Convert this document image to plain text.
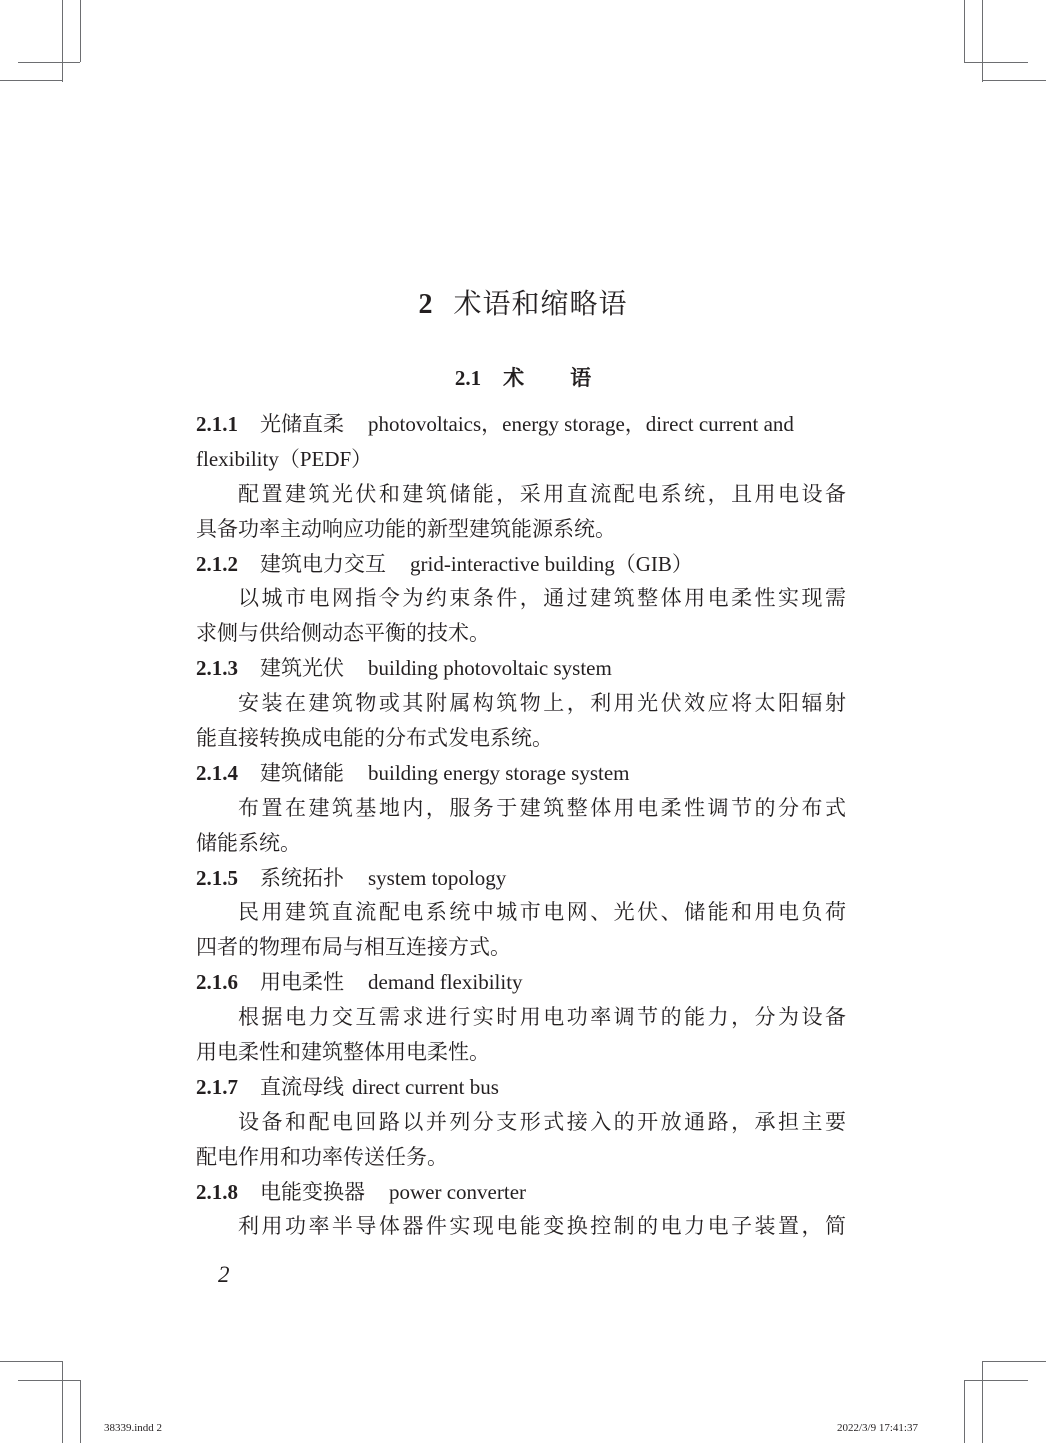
2 术语和缩略语
2.1 术 语
2.1.1 光储直柔 photovoltaics，energy storage，direct current and
flexibility（PEDF）
配置建筑光伏和建筑储能，采用直流配电系统，且用电设备
具备功率主动响应功能的新型建筑能源系统。
2.1.2 建筑电力交互 grid-interactive building（GIB）
以城市电网指令为约束条件，通过建筑整体用电柔性实现需
求侧与供给侧动态平衡的技术。
2.1.3 建筑光伏 building photovoltaic system
安装在建筑物或其附属构筑物上，利用光伏效应将太阳辐射
能直接转换成电能的分布式发电系统。
2.1.4 建筑储能 building energy storage system
布置在建筑基地内，服务于建筑整体用电柔性调节的分布式
储能系统。
2.1.5 系统拓扑 system topology
民用建筑直流配电系统中城市电网、光伏、储能和用电负荷
四者的物理布局与相互连接方式。
2.1.6 用电柔性 demand flexibility
根据电力交互需求进行实时用电功率调节的能力，分为设备
用电柔性和建筑整体用电柔性。
2.1.7 直流母线 direct current bus
设备和配电回路以并列分支形式接入的开放通路，承担主要
配电作用和功率传送任务。
2.1.8 电能变换器 power converter
利用功率半导体器件实现电能变换控制的电力电子装置，简
2
38339.indd 2	2022/3/9 17:41:37
